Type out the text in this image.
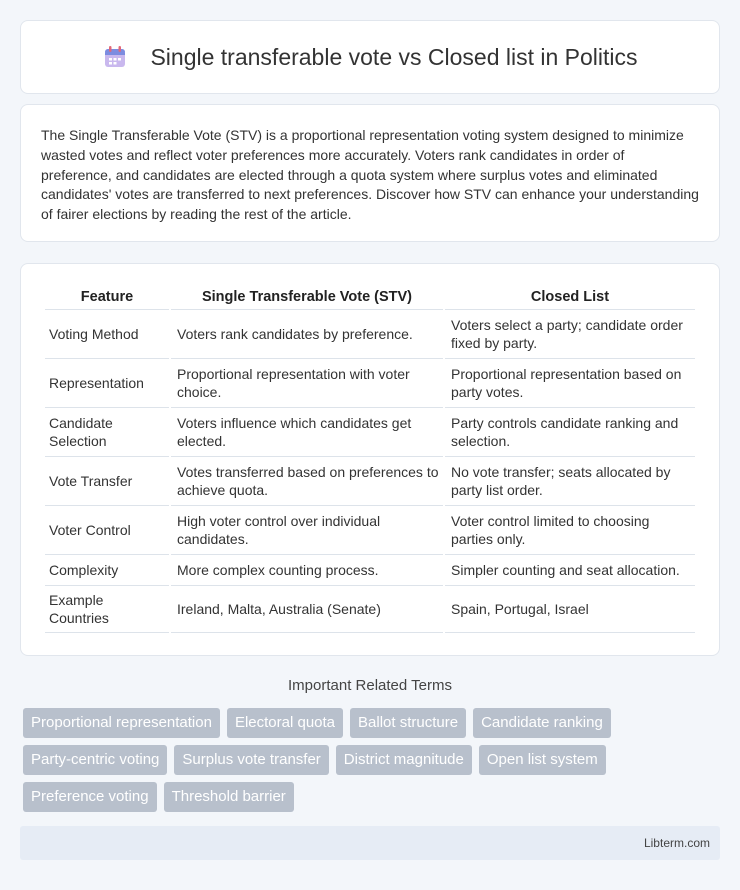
Single transferable vote vs Closed list in Politics

The Single Transferable Vote (STV) is a proportional representation voting system designed to minimize wasted votes and reflect voter preferences more accurately. Voters rank candidates in order of preference, and candidates are elected through a quota system where surplus votes and eliminated candidates' votes are transferred to next preferences. Discover how STV can enhance your understanding of fairer elections by reading the rest of the article.

Feature	Single Transferable Vote (STV)	Closed List
Voting Method	Voters rank candidates by preference.	Voters select a party; candidate order fixed by party.
Representation	Proportional representation with voter choice.	Proportional representation based on party votes.
Candidate Selection	Voters influence which candidates get elected.	Party controls candidate ranking and selection.
Vote Transfer	Votes transferred based on preferences to achieve quota.	No vote transfer; seats allocated by party list order.
Voter Control	High voter control over individual candidates.	Voter control limited to choosing parties only.
Complexity	More complex counting process.	Simpler counting and seat allocation.
Example Countries	Ireland, Malta, Australia (Senate)	Spain, Portugal, Israel
Important Related Terms
Proportional representation	Electoral quota	Ballot structure	Candidate ranking
Party-centric voting	Surplus vote transfer	District magnitude	Open list system
Preference voting	Threshold barrier
Libterm.com
